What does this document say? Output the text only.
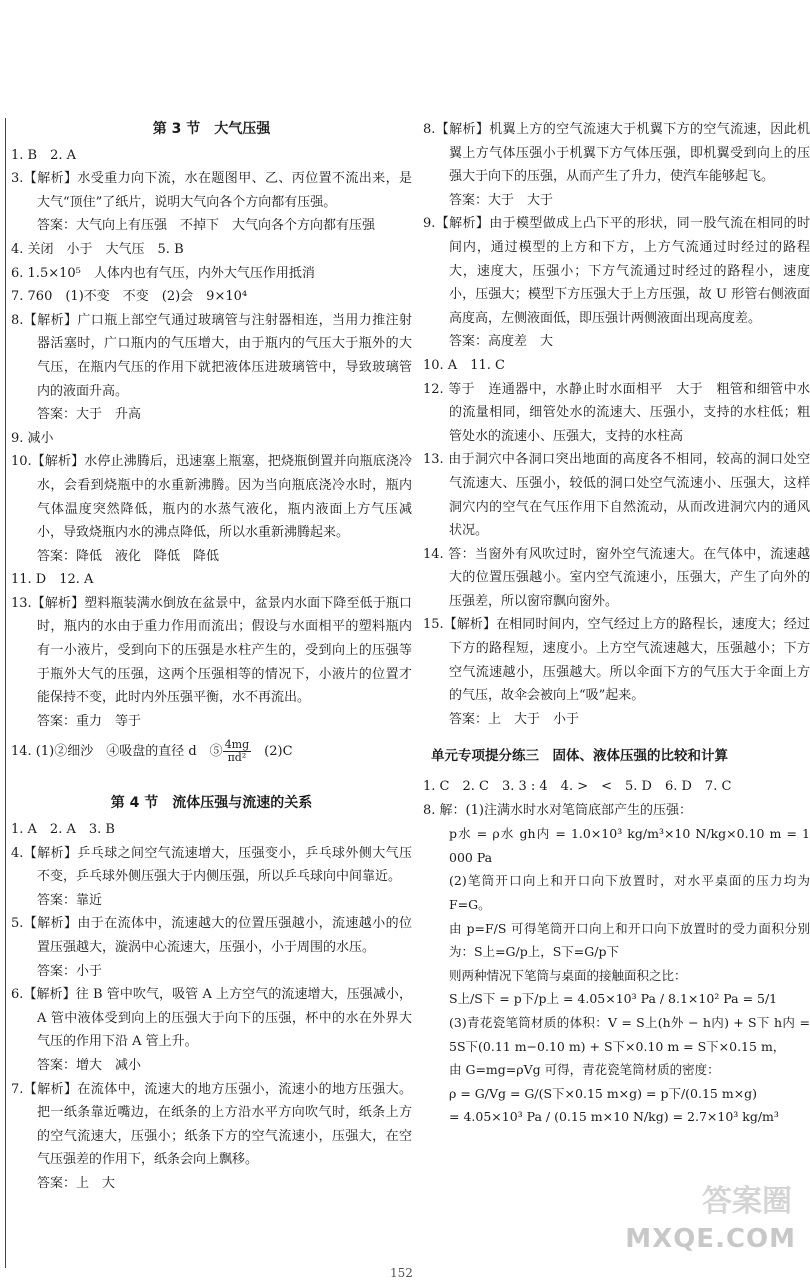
第 3 节　大气压强

1. B　2. A

3.【解析】水受重力向下流，水在题图甲、乙、丙位置不流出来，是大气“顶住”了纸片，说明大气向各个方向都有压强。

答案：大气向上有压强　不掉下　大气向各个方向都有压强

4. 关闭　小于　大气压　5. B

6. 1.5×10⁵　人体内也有气压，内外大气压作用抵消

7. 760　(1)不变　不变　(2)会　9×10⁴

8.【解析】广口瓶上部空气通过玻璃管与注射器相连，当用力推注射器活塞时，广口瓶内的气压增大，由于瓶内的气压大于瓶外的大气压，在瓶内气压的作用下就把液体压进玻璃管中，导致玻璃管内的液面升高。

答案：大于　升高

9. 减小

10.【解析】水停止沸腾后，迅速塞上瓶塞，把烧瓶倒置并向瓶底浇冷水，会看到烧瓶中的水重新沸腾。因为当向瓶底浇冷水时，瓶内气体温度突然降低，瓶内的水蒸气液化，瓶内液面上方气压减小，导致烧瓶内水的沸点降低，所以水重新沸腾起来。

答案：降低　液化　降低　降低

11. D　12. A

13.【解析】塑料瓶装满水倒放在盆景中，盆景内水面下降至低于瓶口时，瓶内的水由于重力作用而流出；假设与水面相平的塑料瓶内有一小液片，受到向下的压强是水柱产生的，受到向上的压强等于瓶外大气的压强，这两个压强相等的情况下，小液片的位置才能保持不变，此时内外压强平衡，水不再流出。

答案：重力　等于

14. (1)②细沙　④吸盘的直径 d　⑤ $\frac{4mg}{\text{πd²}}$ 　(2)C

第 4 节　流体压强与流速的关系

1. A　2. A　3. B

4.【解析】乒乓球之间空气流速增大，压强变小，乒乓球外侧大气压不变，乒乓球外侧压强大于内侧压强，所以乒乓球向中间靠近。

答案：靠近

5.【解析】由于在流体中，流速越大的位置压强越小，流速越小的位置压强越大，漩涡中心流速大，压强小，小于周围的水压。

答案：小于

6.【解析】往 B 管中吹气，吸管 A 上方空气的流速增大，压强减小，A 管中液体受到向上的压强大于向下的压强，杯中的水在外界大气压的作用下沿 A 管上升。

答案：增大　减小

7.【解析】在流体中，流速大的地方压强小，流速小的地方压强大。把一纸条靠近嘴边，在纸条的上方沿水平方向吹气时，纸条上方的空气流速大，压强小；纸条下方的空气流速小，压强大，在空气压强差的作用下，纸条会向上飘移。

答案：上　大

8.【解析】机翼上方的空气流速大于机翼下方的空气流速，因此机翼上方气体压强小于机翼下方气体压强，即机翼受到向上的压强大于向下的压强，从而产生了升力，使汽车能够起飞。

答案：大于　大于

9.【解析】由于模型做成上凸下平的形状，同一股气流在相同的时间内，通过模型的上方和下方，上方气流通过时经过的路程大，速度大，压强小；下方气流通过时经过的路程小，速度小，压强大；模型下方压强大于上方压强，故 U 形管右侧液面高度高，左侧液面低，即压强计两侧液面出现高度差。

答案：高度差　大

10. A　11. C

12. 等于　连通器中，水静止时水面相平　大于　粗管和细管中水的流量相同，细管处水的流速大、压强小，支持的水柱低；粗管处水的流速小、压强大，支持的水柱高

13. 由于洞穴中各洞口突出地面的高度各不相同，较高的洞口处空气流速大、压强小，较低的洞口处空气流速小、压强大，这样洞穴内的空气在气压作用下自然流动，从而改进洞穴内的通风状况。

14. 答：当窗外有风吹过时，窗外空气流速大。在气体中，流速越大的位置压强越小。室内空气流速小，压强大，产生了向外的压强差，所以窗帘飘向窗外。

15.【解析】在相同时间内，空气经过上方的路程长，速度大；经过下方的路程短，速度小。上方空气流速越大，压强越小；下方空气流速越小，压强越大。所以伞面下方的气压大于伞面上方的气压，故伞会被向上“吸”起来。

答案：上　大于　小于

单元专项提分练三　固体、液体压强的比较和计算

1. C　2. C　3. 3 : 4　4. >　<　5. D　6. D　7. C

8. 解：(1)注满水时水对笔筒底部产生的压强：

p水 = ρ水 gh内 = 1.0×10³ kg/m³×10 N/kg×0.10 m = 1 000 Pa

(2)笔筒开口向上和开口向下放置时，对水平桌面的压力均为 F=G。

由 p=F/S 可得笔筒开口向上和开口向下放置时的受力面积分别为：S上=G/p上，S下=G/p下

则两种情况下笔筒与桌面的接触面积之比：

S上/S下 = p下/p上 = 4.05×10³ Pa / 8.1×10² Pa = 5/1

(3)青花瓷笔筒材质的体积：V = S上(h外 − h内) + S下 h内 = 5S下(0.11 m−0.10 m) + S下×0.10 m = S下×0.15 m，

由 G=mg=ρVg 可得，青花瓷笔筒材质的密度：

ρ = G/Vg = G/(S下×0.15 m×g) = p下/(0.15 m×g)

= 4.05×10³ Pa / (0.15 m×10 N/kg) = 2.7×10³ kg/m³

答案圈
MXQE.COM
152
